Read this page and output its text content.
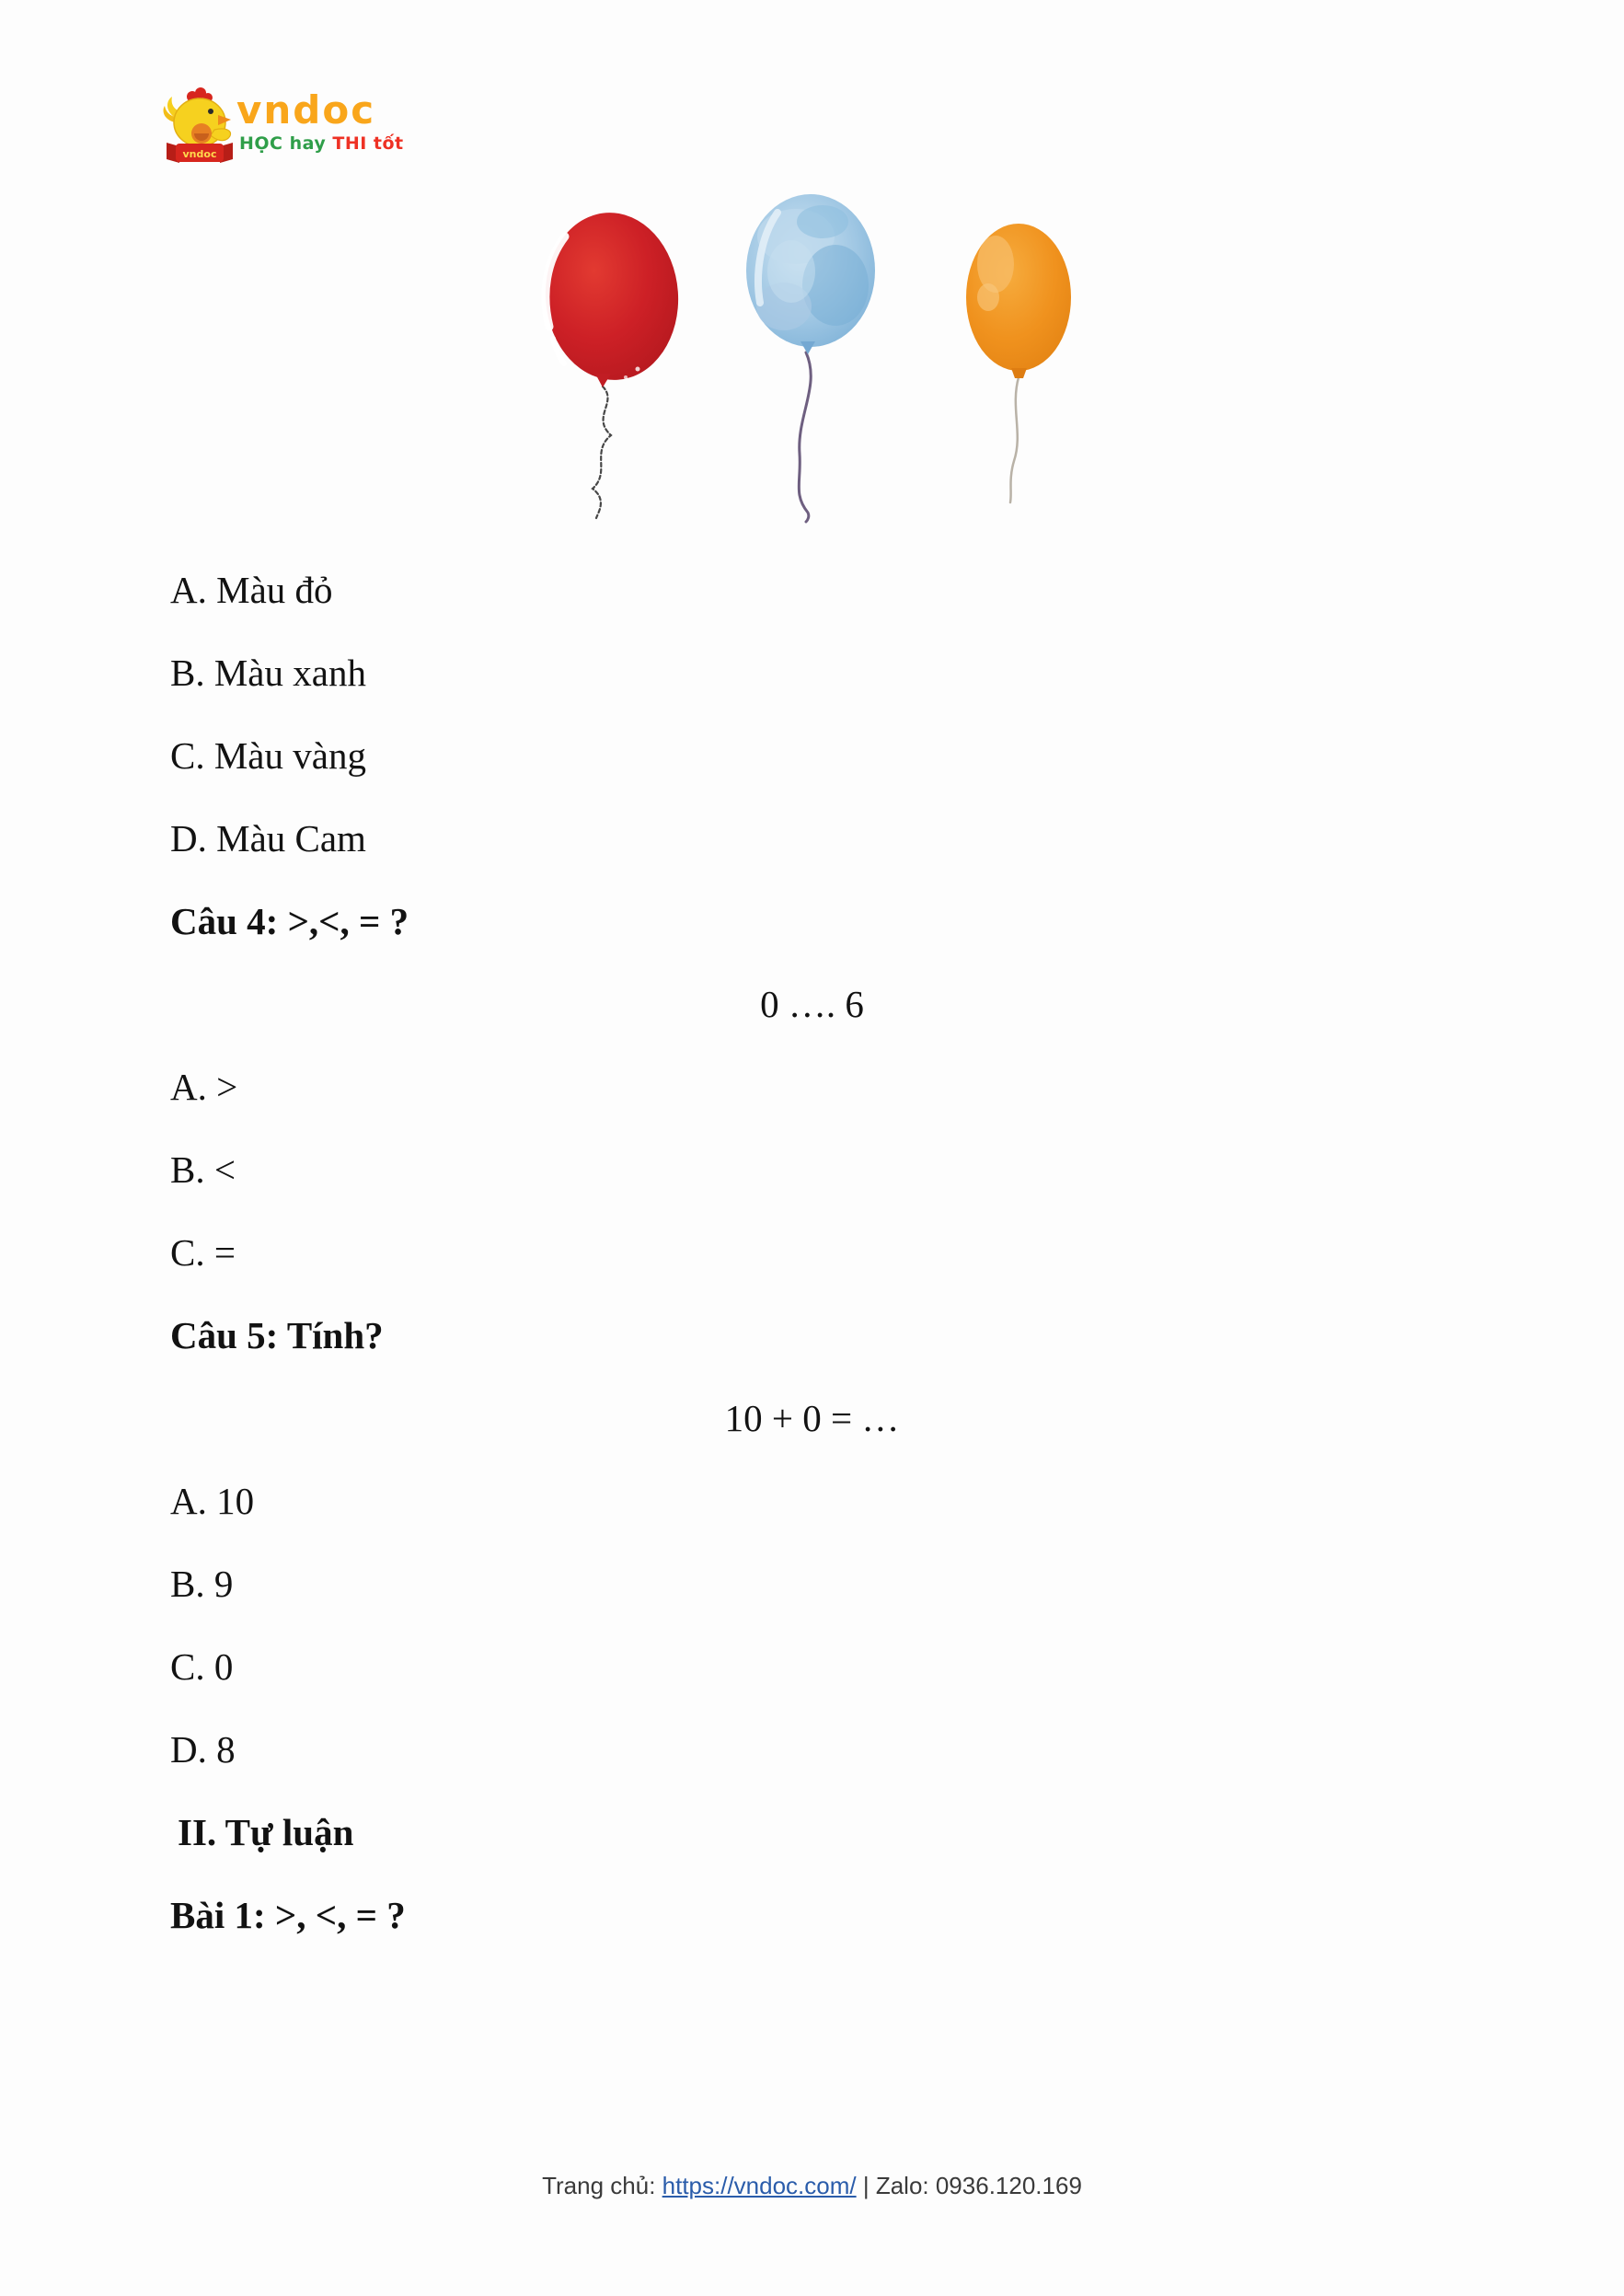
vndoc
vndoc
HỌC hay THI tốt
A. Màu đỏ
B. Màu xanh
C. Màu vàng
D. Màu Cam
Câu 4: >,<, = ?
0 …. 6
A. >
B. <
C. =
Câu 5: Tính?
10 + 0 = …
A. 10
B. 9
C. 0
D. 8
II. Tự luận
Bài 1: >, <, = ?
Trang chủ: https://vndoc.com/ | Zalo: 0936.120.169
